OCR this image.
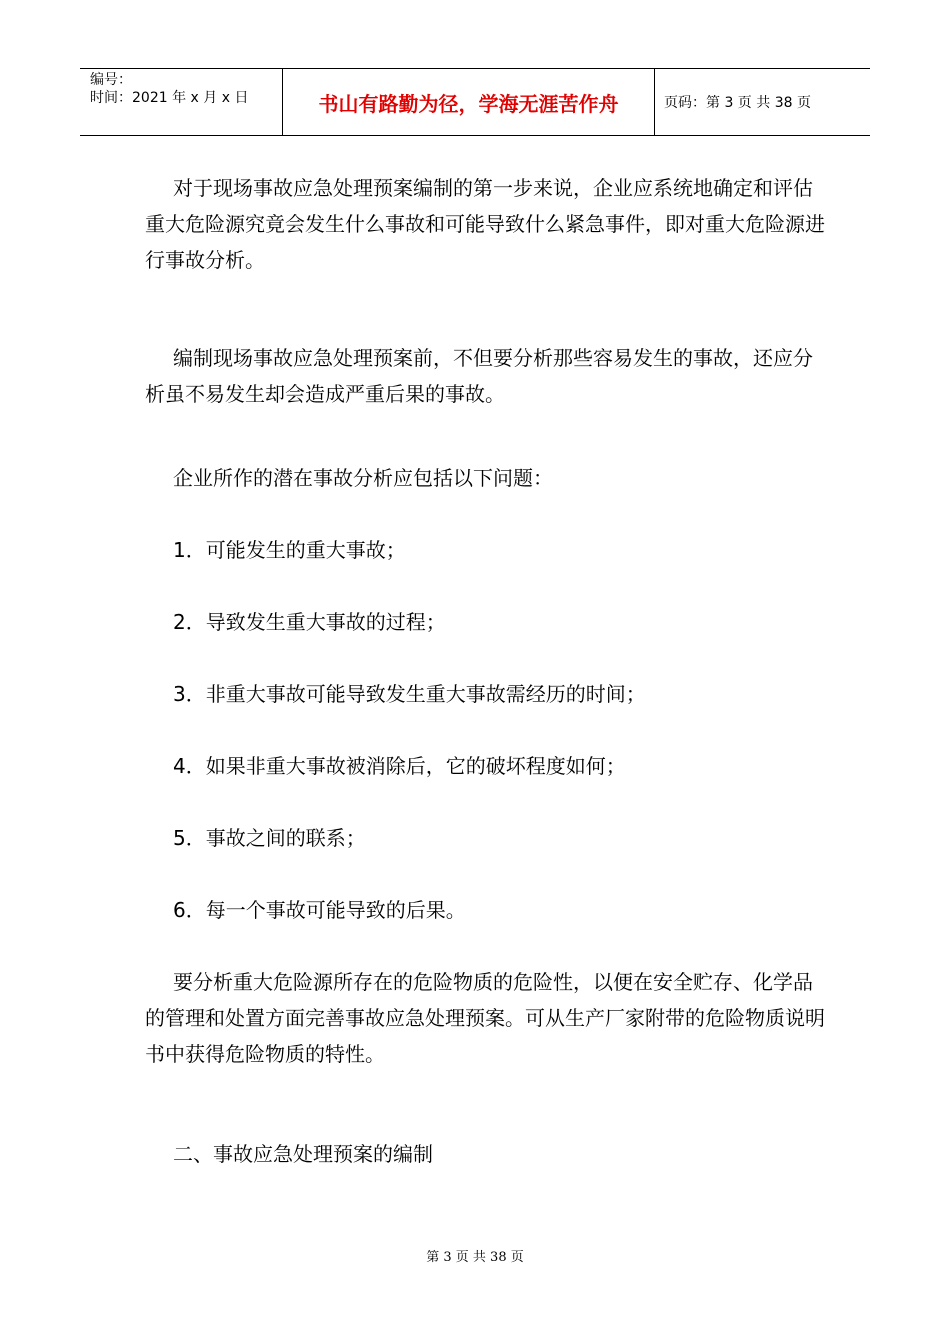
编号：
时间：2021 年 x 月 x 日	书山有路勤为径，学海无涯苦作舟	页码：第 3 页 共 38 页

对于现场事故应急处理预案编制的第一步来说，企业应系统地确定和评估重大危险源究竟会发生什么事故和可能导致什么紧急事件，即对重大危险源进行事故分析。

编制现场事故应急处理预案前，不但要分析那些容易发生的事故，还应分析虽不易发生却会造成严重后果的事故。

企业所作的潜在事故分析应包括以下问题：

1．可能发生的重大事故；

2．导致发生重大事故的过程；

3．非重大事故可能导致发生重大事故需经历的时间；

4．如果非重大事故被消除后，它的破坏程度如何；

5．事故之间的联系；

6．每一个事故可能导致的后果。

要分析重大危险源所存在的危险物质的危险性，以便在安全贮存、化学品的管理和处置方面完善事故应急处理预案。可从生产厂家附带的危险物质说明书中获得危险物质的特性。

二、事故应急处理预案的编制

第 3 页 共 38 页
